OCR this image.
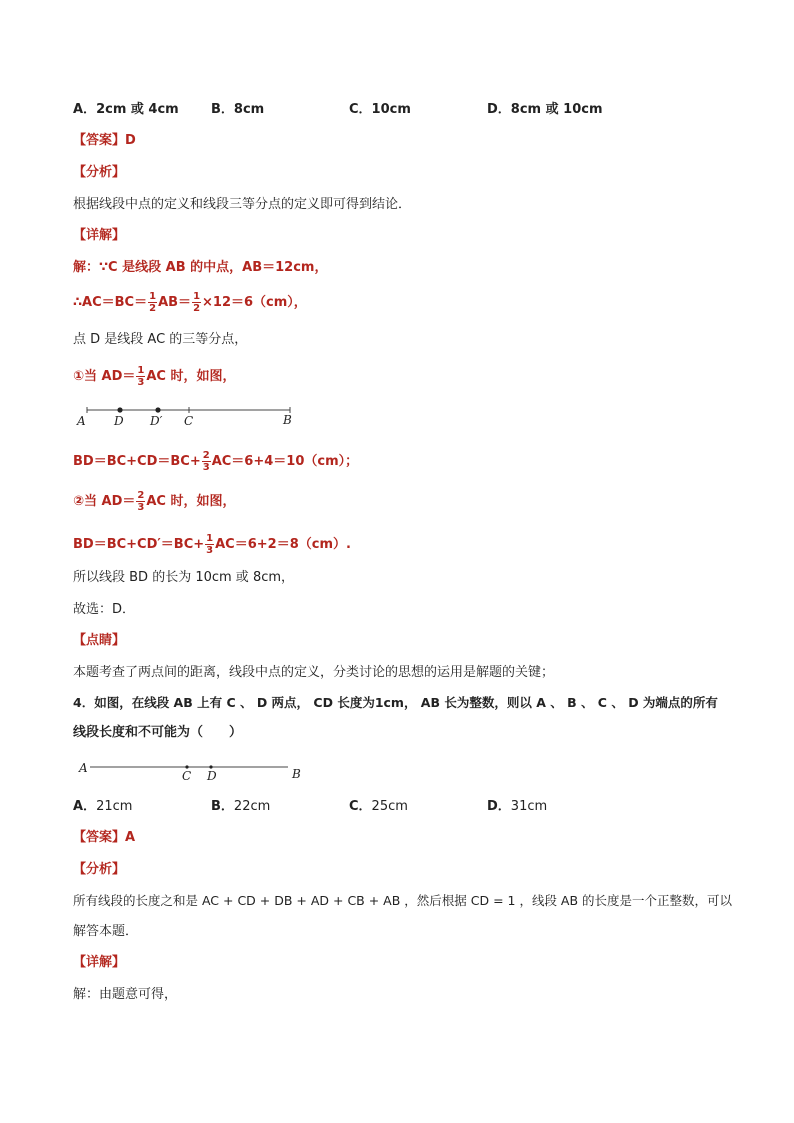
A．2cm 或 4cm B．8cm	C．10cm	D．8cm 或 10cm
【答案】D
【分析】
根据线段中点的定义和线段三等分点的定义即可得到结论．
【详解】
解：∵C 是线段 AB 的中点，AB＝12cm，
∴AC＝BC＝ $\frac{1}{2} AB= \frac{1}{2} \times 12=6(cm)$，
点 D 是线段 AC 的三等分点，
①当 $AD= \frac{1}{3}$ AC 时，如图，
A D D′ C	B
$BD=BC+CD=BC+ \frac{2}{3} AC=6+4=10(cm)$；
②当 $AD= \frac{2}{3}$ AC 时，如图，
$BD=BC+CD'=BC+ \frac{1}{3} AC=6+2=8(cm)$.
所以线段 BD 的长为 10cm 或 8cm，
故选：D．
【点睛】
本题考查了两点间的距离，线段中点的定义，分类讨论的思想的运用是解题的关键；
4．如图，在线段 AB 上有 C 、 D 两点， CD 长度为1cm， AB 长为整数，则以 A 、 B 、 C 、 D 为端点的所有
线段长度和不可能为（　　）
A
C D	B
A．21cm	B．22cm	C．25cm	D．31cm
【答案】A
【分析】
所有线段的长度之和是 AC + CD + DB + AD + CB + AB ，然后根据 CD = 1 ，线段 AB 的长度是一个正整数，可以
解答本题．
【详解】
解：由题意可得，
